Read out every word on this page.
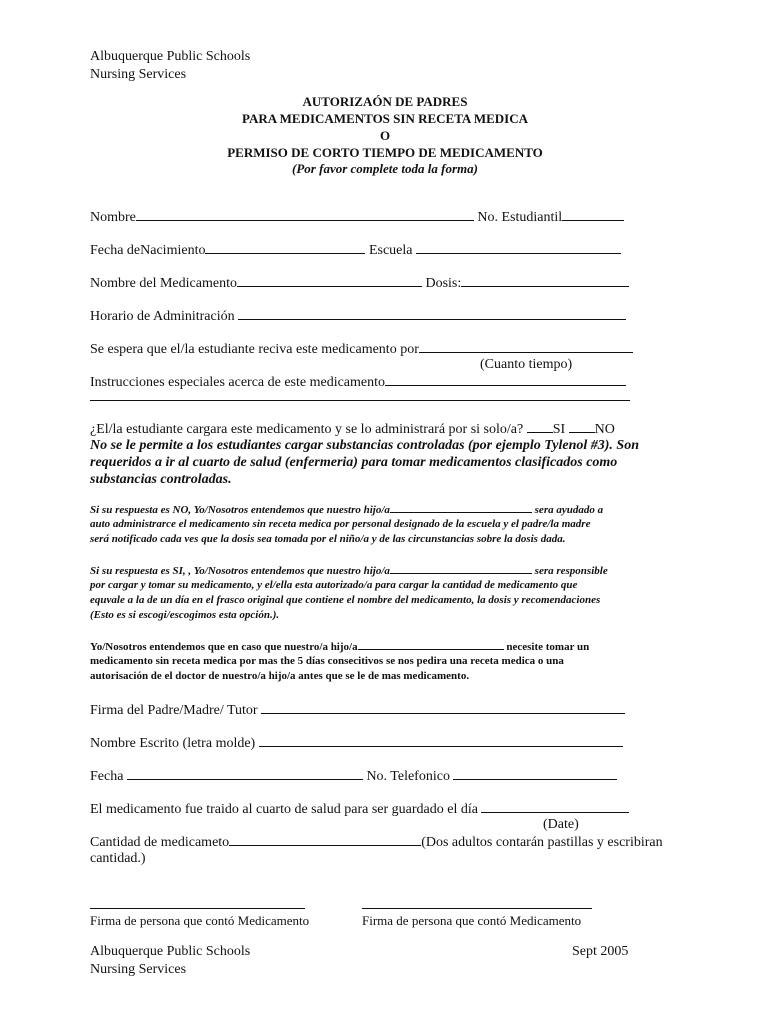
Albuquerque Public Schools
Nursing Services
AUTORIZAÓN DE PADRES
PARA MEDICAMENTOS SIN RECETA MEDICA
O
PERMISO DE CORTO TIEMPO DE MEDICAMENTO
(Por favor complete toda la forma)
Nombre	No. Estudiantil
Fecha deNacimiento	Escuela
Nombre del Medicamento	Dosis:
Horario de Adminitración
Se espera que el/la estudiante reciva este medicamento por
(Cuanto tiempo)
Instrucciones especiales acerca de este medicamento
¿El/la estudiante cargara este medicamento y se lo administrará por si solo/a? SI NO
No se le permite a los estudiantes cargar substancias controladas (por ejemplo Tylenol #3). Son
requeridos a ir al cuarto de salud (enfermeria) para tomar medicamentos clasificados como
substancias controladas.
Si su respuesta es NO, Yo/Nosotros entendemos que nuestro hijo/a	sera ayudado a
auto administrarce el medicamento sin receta medica por personal designado de la escuela y el padre/la madre
será notificado cada ves que la dosis sea tomada por el niño/a y de las circunstancias sobre la dosis dada.
Si su respuesta es SI, , Yo/Nosotros entendemos que nuestro hijo/a	sera responsible
por cargar y tomar su medicamento, y el/ella esta autorizado/a para cargar la cantidad de medicamento que
equvale a la de un día en el frasco original que contiene el nombre del medicamento, la dosis y recomendaciones
(Esto es si escogi/escogimos esta opción.).
Yo/Nosotros entendemos que en caso que nuestro/a hijo/a	necesite tomar un
medicamento sin receta medica por mas the 5 días consecitivos se nos pedira una receta medica o una
autorisación de el doctor de nuestro/a hijo/a antes que se le de mas medicamento.
Firma del Padre/Madre/ Tutor
Nombre Escrito (letra molde)
Fecha	No. Telefonico
El medicamento fue traido al cuarto de salud para ser guardado el día
(Date)
Cantidad de medicameto	(Dos adultos contarán pastillas y escribiran
cantidad.)
Firma de persona que contó Medicamento	Firma de persona que contó Medicamento
Albuquerque Public Schools
Nursing Services
Sept 2005
